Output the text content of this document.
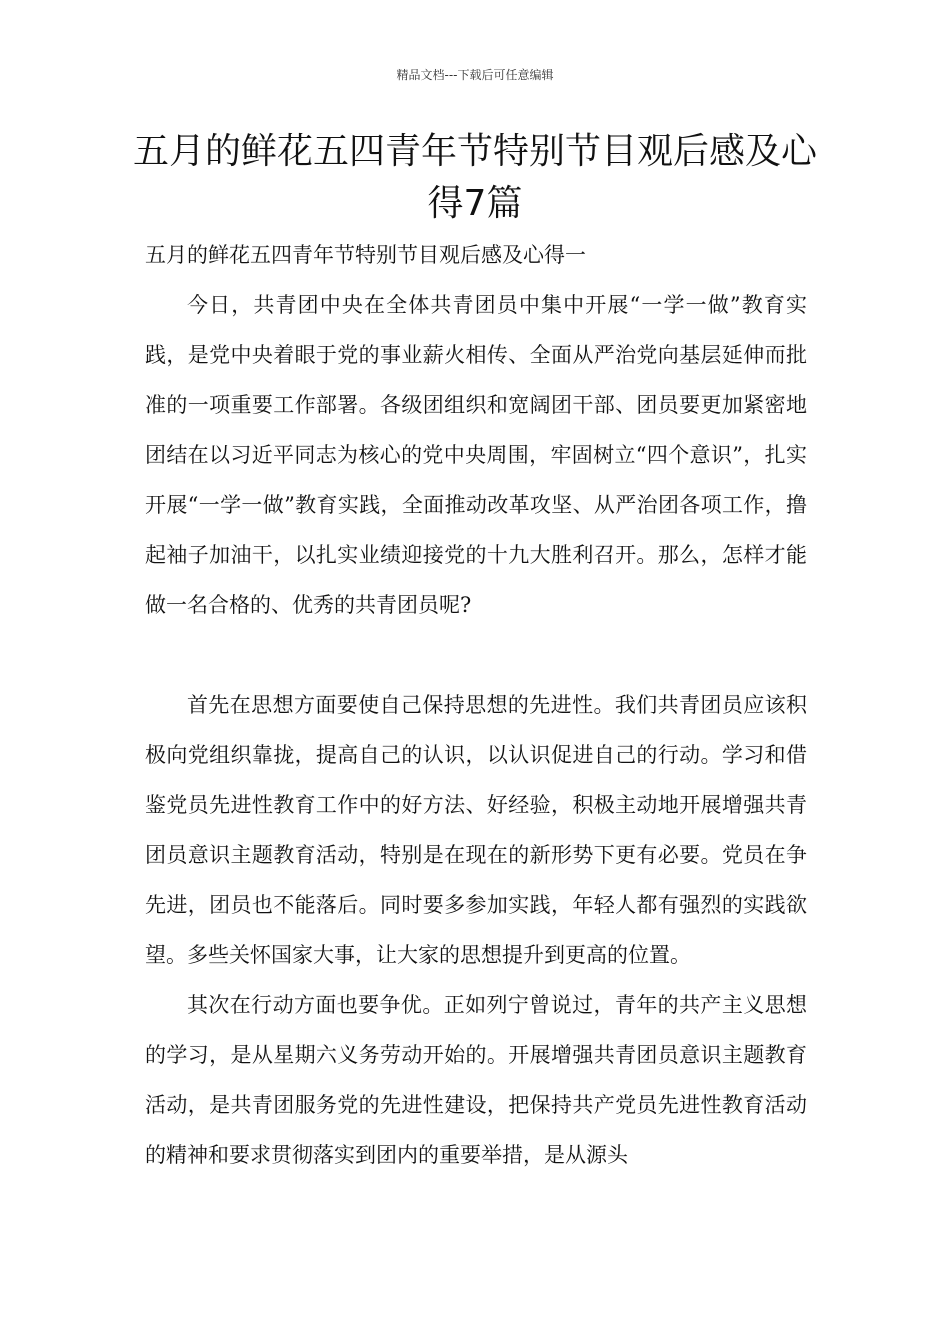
精品文档---下载后可任意编辑
五月的鲜花五四青年节特别节目观后感及心得7篇

五月的鲜花五四青年节特别节目观后感及心得一

今日，共青团中央在全体共青团员中集中开展“一学一做”教育实践，是党中央着眼于党的事业薪火相传、全面从严治党向基层延伸而批准的一项重要工作部署。各级团组织和宽阔团干部、团员要更加紧密地团结在以习近平同志为核心的党中央周围，牢固树立“四个意识”，扎实开展“一学一做”教育实践，全面推动改革攻坚、从严治团各项工作，撸起袖子加油干，以扎实业绩迎接党的十九大胜利召开。那么，怎样才能做一名合格的、优秀的共青团员呢?

首先在思想方面要使自己保持思想的先进性。我们共青团员应该积极向党组织靠拢，提高自己的认识，以认识促进自己的行动。学习和借鉴党员先进性教育工作中的好方法、好经验，积极主动地开展增强共青团员意识主题教育活动，特别是在现在的新形势下更有必要。党员在争先进，团员也不能落后。同时要多参加实践，年轻人都有强烈的实践欲望。多些关怀国家大事，让大家的思想提升到更高的位置。

其次在行动方面也要争优。正如列宁曾说过，青年的共产主义思想的学习，是从星期六义务劳动开始的。开展增强共青团员意识主题教育活动，是共青团服务党的先进性建设，把保持共产党员先进性教育活动的精神和要求贯彻落实到团内的重要举措，是从源头
